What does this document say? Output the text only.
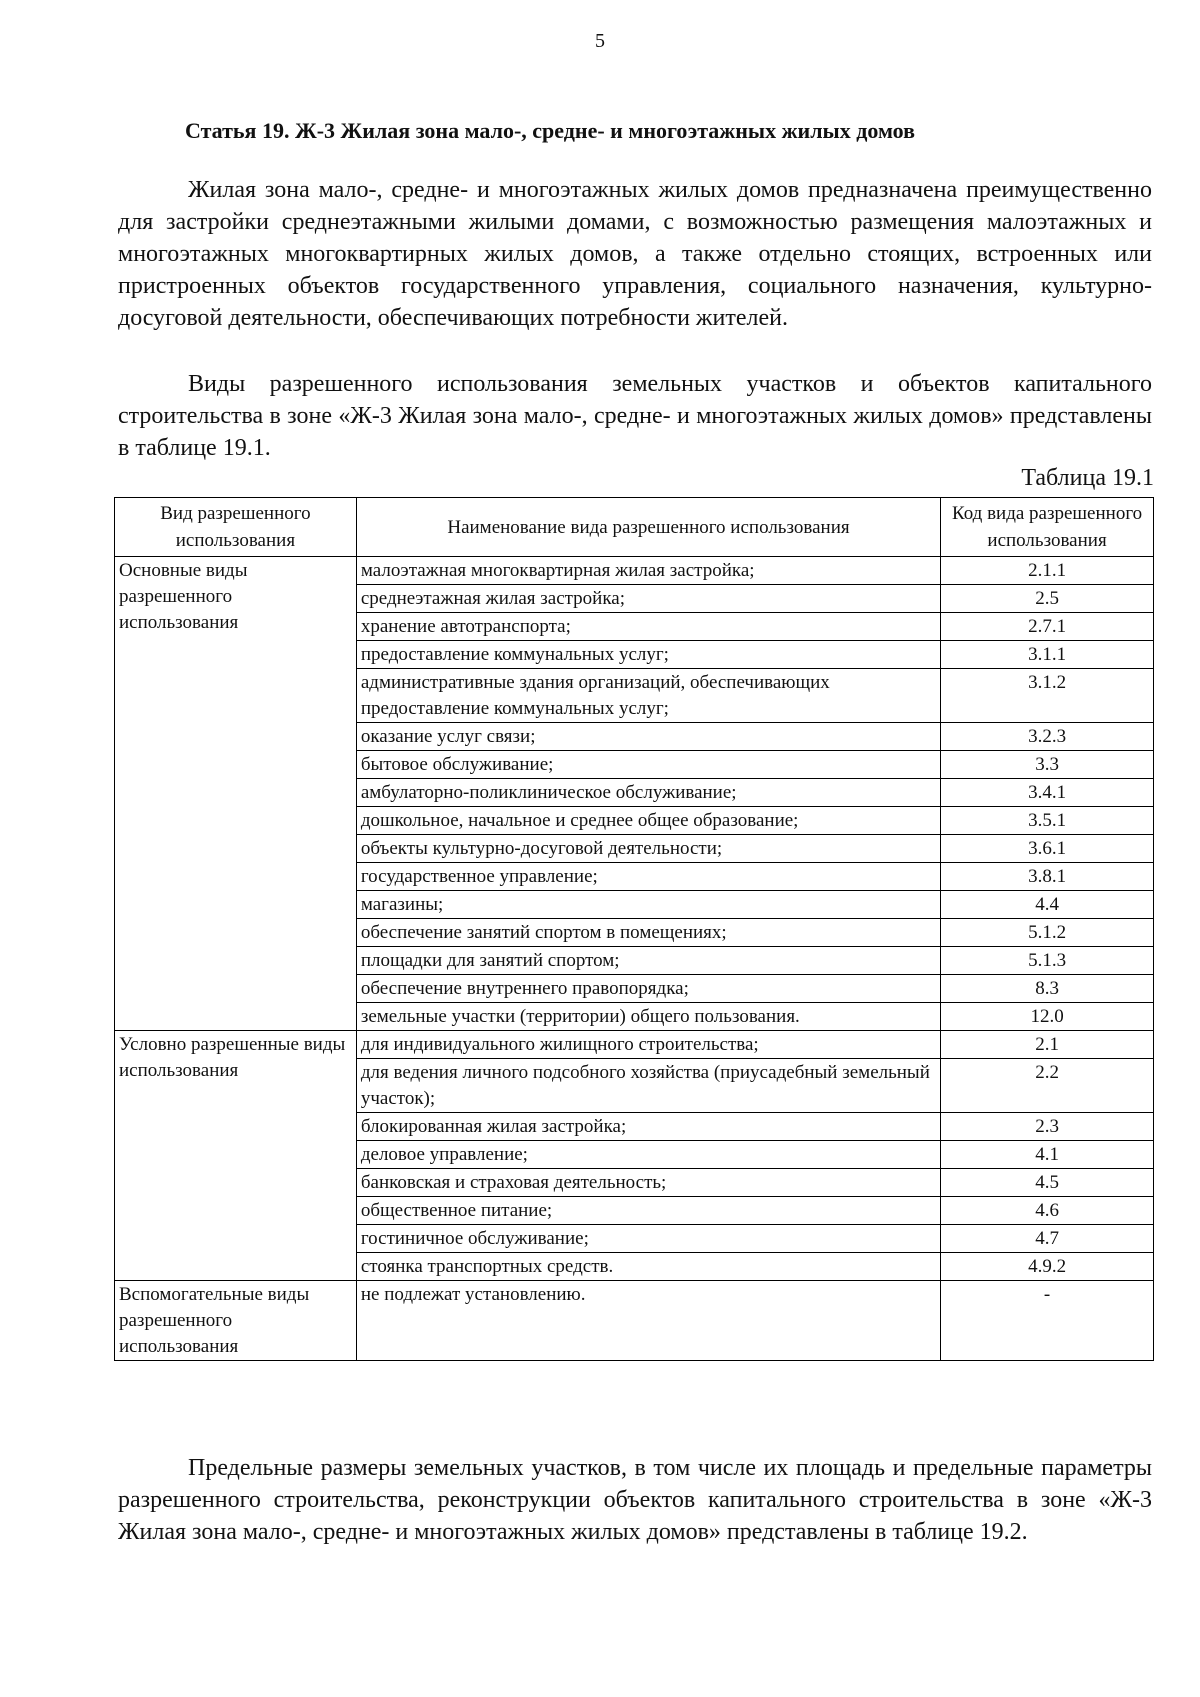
5
Статья 19. Ж-3 Жилая зона мало-, средне- и многоэтажных жилых домов

Жилая зона мало-, средне- и многоэтажных жилых домов предназначена преимущественно для застройки среднеэтажными жилыми домами, с возможностью размещения малоэтажных и многоэтажных многоквартирных жилых домов, а также отдельно стоящих, встроенных или пристроенных объектов государственного управления, социального назначения, культурно-досуговой деятельности, обеспечивающих потребности жителей.

Виды разрешенного использования земельных участков и объектов капитального строительства в зоне «Ж-3 Жилая зона мало-, средне- и многоэтажных жилых домов» представлены в таблице 19.1.

Таблица 19.1
Вид разрешенного использования	Наименование вида разрешенного использования	Код вида разрешенного использования
Основные виды разрешенного использования	малоэтажная многоквартирная жилая застройка;	2.1.1
	среднеэтажная жилая застройка;	2.5
	хранение автотранспорта;	2.7.1
	предоставление коммунальных услуг;	3.1.1
	административные здания организаций, обеспечивающих предоставление коммунальных услуг;	3.1.2
	оказание услуг связи;	3.2.3
	бытовое обслуживание;	3.3
	амбулаторно-поликлиническое обслуживание;	3.4.1
	дошкольное, начальное и среднее общее образование;	3.5.1
	объекты культурно-досуговой деятельности;	3.6.1
	государственное управление;	3.8.1
	магазины;	4.4
	обеспечение занятий спортом в помещениях;	5.1.2
	площадки для занятий спортом;	5.1.3
	обеспечение внутреннего правопорядка;	8.3
	земельные участки (территории) общего пользования.	12.0
Условно разрешенные виды использования	для индивидуального жилищного строительства;	2.1
	для ведения личного подсобного хозяйства (приусадебный земельный участок);	2.2
	блокированная жилая застройка;	2.3
	деловое управление;	4.1
	банковская и страховая деятельность;	4.5
	общественное питание;	4.6
	гостиничное обслуживание;	4.7
	стоянка транспортных средств.	4.9.2
Вспомогательные виды разрешенного использования	не подлежат установлению.	-

Предельные размеры земельных участков, в том числе их площадь и предельные параметры разрешенного строительства, реконструкции объектов капитального строительства в зоне «Ж-3 Жилая зона мало-, средне- и многоэтажных жилых домов» представлены в таблице 19.2.
